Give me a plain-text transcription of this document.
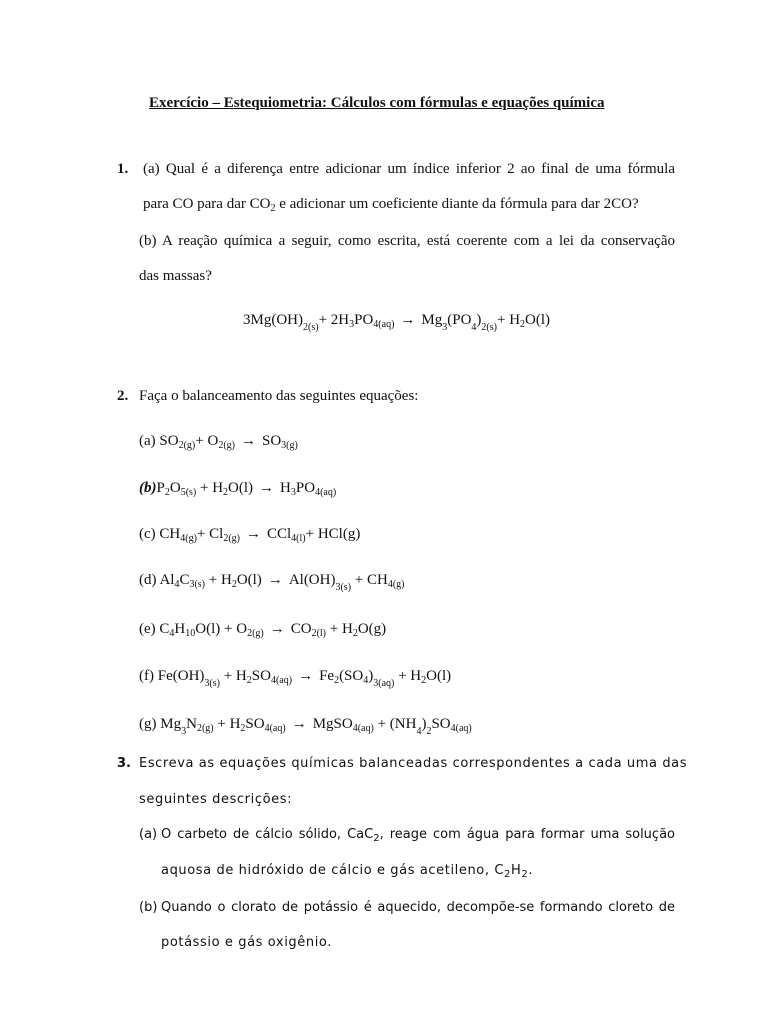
Exercício – Estequiometria: Cálculos com fórmulas e equações química
1. (a) Qual é a diferença entre adicionar um índice inferior 2 ao final de uma fórmula
para CO para dar $CO_2$ e adicionar um coeficiente diante da fórmula para dar 2CO?
(b) A reação química a seguir, como escrita, está coerente com a lei da conservação
das massas?
$3Mg(OH)_{2(s)}+ 2H_3PO_{4(aq)} \to Mg_3(PO_4)_{2(s)}+ H_2O(l)$
2. Faça o balanceamento das seguintes equações:
(a) $SO_{2(g)}+ O_{2(g)} \to SO_{3(g)}$
$(b)P_2O_{5(s)} + H_2O(l) \to H_3PO_{4(aq)}$
(c) $CH_{4(g)}+ Cl_{2(g)} \to CCl_{4(l)}+ HCl(g)$
(d) $Al_4C_{3(s)} + H_2O(l) \to Al(OH)_{3(s)} + CH_{4(g)}$
(e) $C_4H_{10}O(l) + O_{2(g)} \to CO_{2(l)} + H_2O(g)$
(f) $Fe(OH)_{3(s)} + H_2SO_{4(aq)} \to Fe_2(SO_4)_{3(aq)} + H_2O(l)$
(g) $Mg_3N_{2(g)} + H_2SO_{4(aq)}$ → MgSO$_{4(aq)}$ + $(NH_4)_2SO_{4(aq)}$
3. Escreva as equações químicas balanceadas correspondentes a cada uma das
seguintes descrições:
(a) O carbeto de cálcio sólido, CaC$_2$, reage com água para formar uma solução
aquosa de hidróxido de cálcio e gás acetileno, $C_2H_2$.
(b) Quando o clorato de potássio é aquecido, decompõe-se formando cloreto de
potássio e gás oxigênio.
